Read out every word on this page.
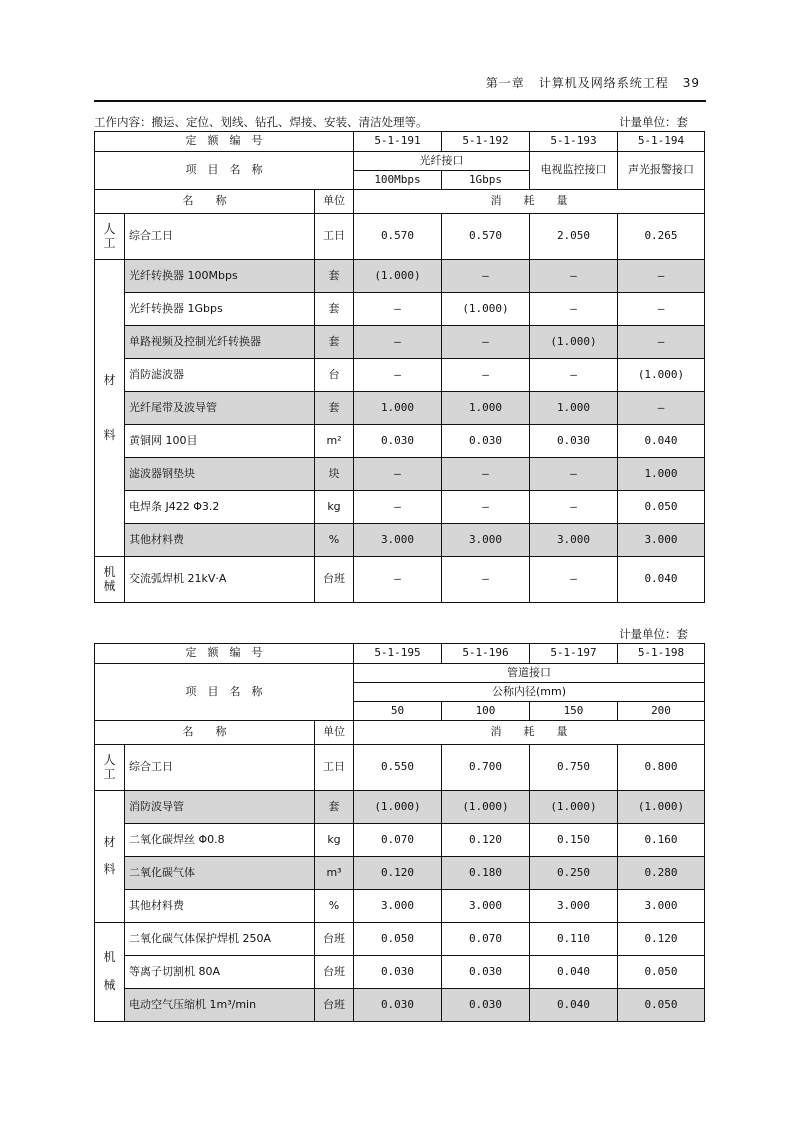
第一章 计算机及网络系统工程 39
工作内容：搬运、定位、划线、钻孔、焊接、安装、清洁处理等。	计量单位：套
定　额　编　号			5-1-191	5-1-192	5-1-193	5-1-194
项　目　名　称			光纤接口		电视监控接口	声光报警接口
			100Mbps	1Gbps		
名　　称		单位	消　　耗　　量			
人
工	综合工日	工日	0.570	0.570	2.050	0.265
材

料	光纤转换器 100Mbps	套	(1.000)	—	—	—
	光纤转换器 1Gbps	套	—	(1.000)	—	—
	单路视频及控制光纤转换器	套	—	—	(1.000)	—
	消防滤波器	台	—	—	—	(1.000)
	光纤尾带及波导管	套	1.000	1.000	1.000	—
	黄铜网 100目	m²	0.030	0.030	0.030	0.040
	滤波器钢垫块	块	—	—	—	1.000
	电焊条 J422 Φ3.2	kg	—	—	—	0.050
	其他材料费	%	3.000	3.000	3.000	3.000
机
械	交流弧焊机 21kV·A	台班	—	—	—	0.040
计量单位：套
定　额　编　号			5-1-195	5-1-196	5-1-197	5-1-198
项　目　名　称			管道接口			
			公称内径(mm)			
			50	100	150	200
名　　称		单位	消　　耗　　量			
人
工	综合工日	工日	0.550	0.700	0.750	0.800
材

料	消防波导管	套	(1.000)	(1.000)	(1.000)	(1.000)
	二氧化碳焊丝 Φ0.8	kg	0.070	0.120	0.150	0.160
	二氧化碳气体	m³	0.120	0.180	0.250	0.280
	其他材料费	%	3.000	3.000	3.000	3.000
机

械	二氧化碳气体保护焊机 250A	台班	0.050	0.070	0.110	0.120
	等离子切割机 80A	台班	0.030	0.030	0.040	0.050
	电动空气压缩机 1m³/min	台班	0.030	0.030	0.040	0.050
